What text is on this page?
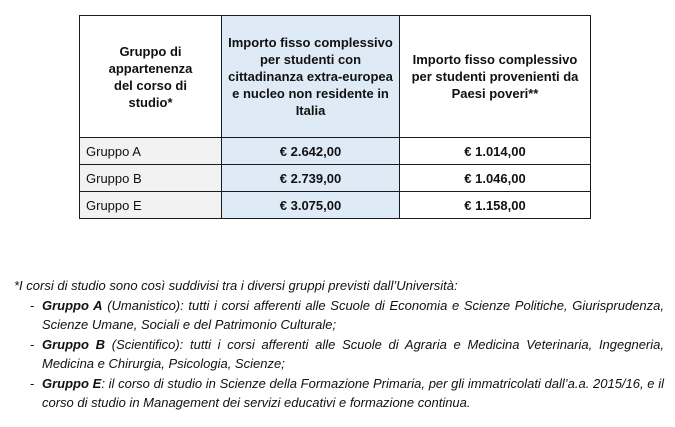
Gruppo di appartenenza del corso di studio*	Importo fisso complessivo per studenti con cittadinanza extra-europea e nucleo non residente in Italia	Importo fisso complessivo per studenti provenienti da Paesi poveri**
Gruppo A	€ 2.642,00	€ 1.014,00
Gruppo B	€ 2.739,00	€ 1.046,00
Gruppo E	€ 3.075,00	€ 1.158,00

*I corsi di studio sono così suddivisi tra i diversi gruppi previsti dall’Università:

- Gruppo A (Umanistico): tutti i corsi afferenti alle Scuole di Economia e Scienze Politiche, Giurisprudenza, Scienze Umane, Sociali e del Patrimonio Culturale;
- Gruppo B (Scientifico): tutti i corsi afferenti alle Scuole di Agraria e Medicina Veterinaria, Ingegneria, Medicina e Chirurgia, Psicologia, Scienze;
- Gruppo E: il corso di studio in Scienze della Formazione Primaria, per gli immatricolati dall’a.a. 2015/16, e il corso di studio in Management dei servizi educativi e formazione continua.
